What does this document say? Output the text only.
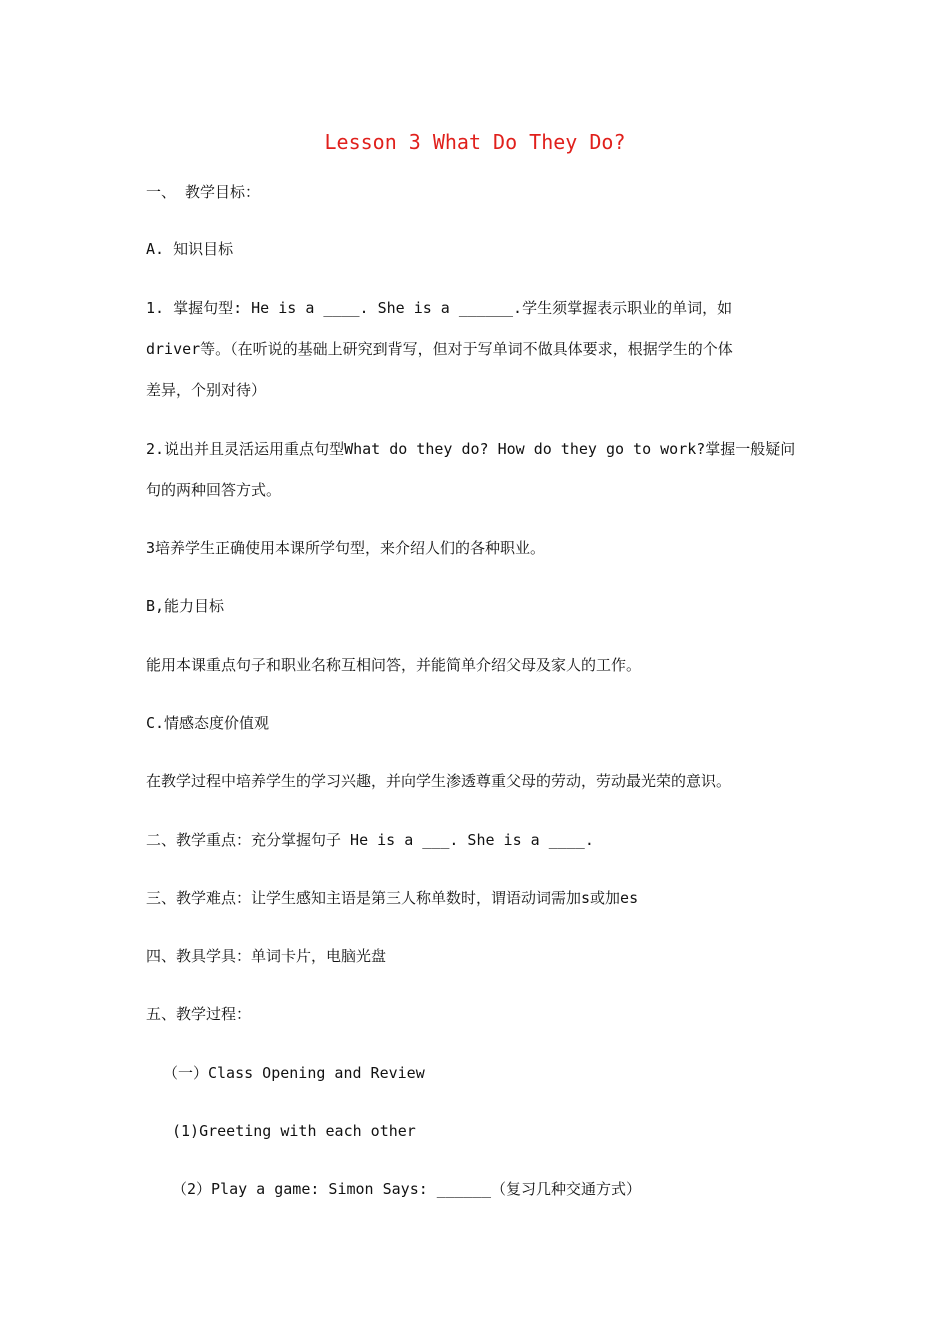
Lesson 3 What Do They Do?
一、 教学目标：
A. 知识目标
1. 掌握句型: He is a ____. She is a ______.学生须掌握表示职业的单词，如
driver等。（在听说的基础上研究到背写，但对于写单词不做具体要求，根据学生的个体
差异，个别对待）
2.说出并且灵活运用重点句型What do they do? How do they go to work?掌握一般疑问
句的两种回答方式。
3培养学生正确使用本课所学句型，来介绍人们的各种职业。
B,能力目标
能用本课重点句子和职业名称互相问答，并能简单介绍父母及家人的工作。
C.情感态度价值观
在教学过程中培养学生的学习兴趣，并向学生渗透尊重父母的劳动，劳动最光荣的意识。
二、教学重点：充分掌握句子 He is a ___. She is a ____.
三、教学难点：让学生感知主语是第三人称单数时，谓语动词需加s或加es
四、教具学具：单词卡片，电脑光盘
五、教学过程：
（一）Class Opening and Review
(1)Greeting with each other
（2）Play a game: Simon Says: ______（复习几种交通方式）
